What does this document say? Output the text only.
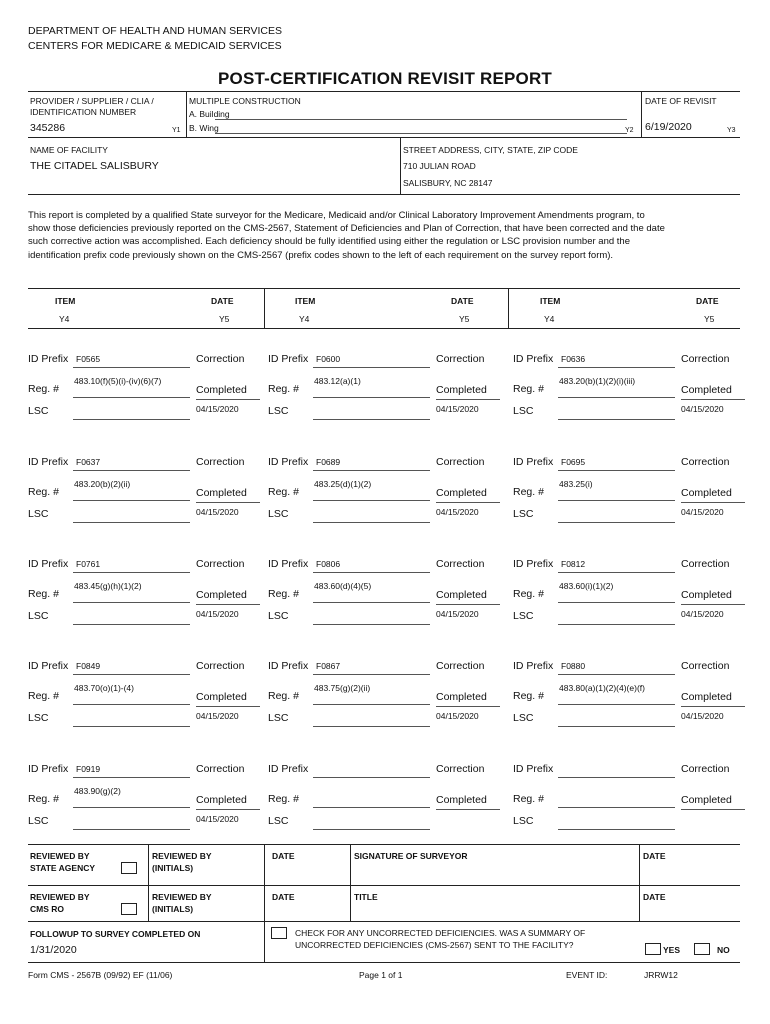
DEPARTMENT OF HEALTH AND HUMAN SERVICES
CENTERS FOR MEDICARE & MEDICAID SERVICES
POST-CERTIFICATION REVISIT REPORT
PROVIDER / SUPPLIER / CLIA /
IDENTIFICATION NUMBER
345286	Y1
MULTIPLE CONSTRUCTION
A. Building
B. Wing	Y2
DATE OF REVISIT
6/19/2020	Y3
NAME OF FACILITY
THE CITADEL SALISBURY
STREET ADDRESS, CITY, STATE, ZIP CODE
710 JULIAN ROAD
SALISBURY, NC 28147
This report is completed by a qualified State surveyor for the Medicare, Medicaid and/or Clinical Laboratory Improvement Amendments program, to show those deficiencies previously reported on the CMS-2567, Statement of Deficiencies and Plan of Correction, that have been corrected and the date such corrective action was accomplished. Each deficiency should be fully identified using either the regulation or LSC provision number and the identification prefix code previously shown on the CMS-2567 (prefix codes shown to the left of each requirement on the survey report form).
ITEM	DATE
Y4	Y5
ITEM	DATE
Y4	Y5
ITEM	DATE
Y4	Y5
ID Prefix F0565	Correction
483.10(f)(5)(i)-(iv)(6)(7)
Reg. #	Completed
LSC	04/15/2020
ID Prefix F0600	Correction
483.12(a)(1)
Reg. #	Completed
LSC	04/15/2020
ID Prefix F0636	Correction
483.20(b)(1)(2)(i)(iii)
Reg. #	Completed
LSC	04/15/2020
ID Prefix F0637	Correction
483.20(b)(2)(ii)
Reg. #	Completed
LSC	04/15/2020
ID Prefix F0689	Correction
483.25(d)(1)(2)
Reg. #	Completed
LSC	04/15/2020
ID Prefix F0695	Correction
483.25(i)
Reg. #	Completed
LSC	04/15/2020
ID Prefix F0761	Correction
483.45(g)(h)(1)(2)
Reg. #	Completed
LSC	04/15/2020
ID Prefix F0806	Correction
483.60(d)(4)(5)
Reg. #	Completed
LSC	04/15/2020
ID Prefix F0812	Correction
483.60(i)(1)(2)
Reg. #	Completed
LSC	04/15/2020
ID Prefix F0849	Correction
483.70(o)(1)-(4)
Reg. #	Completed
LSC	04/15/2020
ID Prefix F0867	Correction
483.75(g)(2)(ii)
Reg. #	Completed
LSC	04/15/2020
ID Prefix F0880	Correction
483.80(a)(1)(2)(4)(e)(f)
Reg. #	Completed
LSC	04/15/2020
ID Prefix F0919	Correction
483.90(g)(2)
Reg. #	Completed
LSC	04/15/2020
ID Prefix	Correction
Reg. #	Completed
LSC
ID Prefix	Correction
Reg. #	Completed
LSC
REVIEWED BY
STATE AGENCY
REVIEWED BY
(INITIALS)
DATE	SIGNATURE OF SURVEYOR	DATE
REVIEWED BY
CMS RO
REVIEWED BY
(INITIALS)
DATE	TITLE	DATE
FOLLOWUP TO SURVEY COMPLETED ON
1/31/2020
CHECK FOR ANY UNCORRECTED DEFICIENCIES. WAS A SUMMARY OF
UNCORRECTED DEFICIENCIES (CMS-2567) SENT TO THE FACILITY?	YES	NO
Form CMS - 2567B (09/92) EF (11/06)	Page 1 of 1	EVENT ID:	JRRW12
